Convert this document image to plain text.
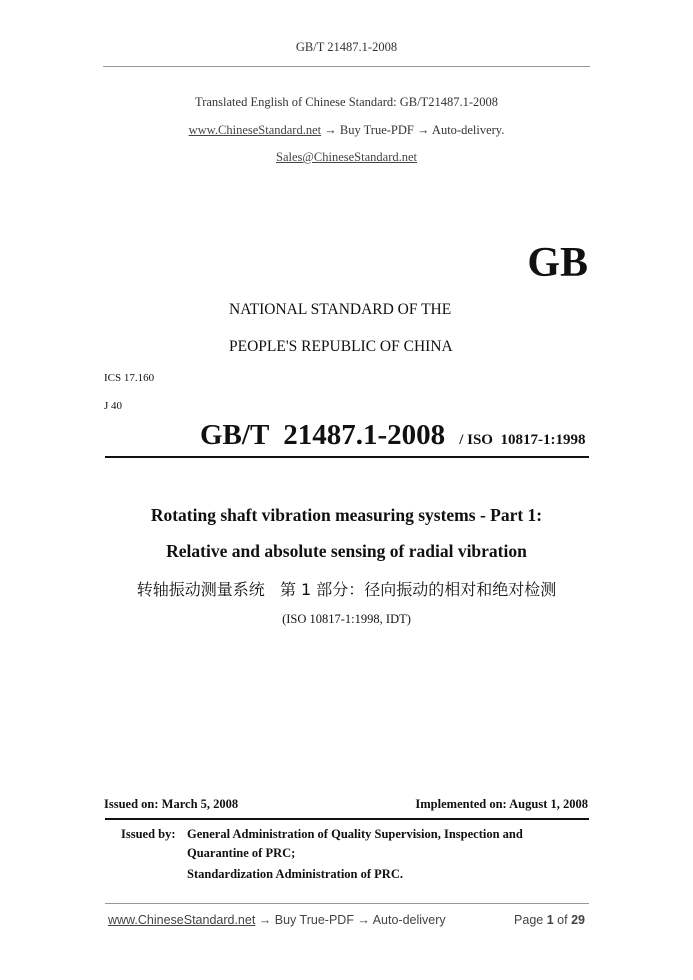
GB/T 21487.1-2008
Translated English of Chinese Standard: GB/T21487.1-2008
www.ChineseStandard.net → Buy True-PDF → Auto-delivery.
Sales@ChineseStandard.net
GB
NATIONAL STANDARD OF THE
PEOPLE'S REPUBLIC OF CHINA
ICS 17.160
J 40
GB/T  21487.1-2008 / ISO  10817-1:1998
Rotating shaft vibration measuring systems - Part 1:
Relative and absolute sensing of radial vibration
转轴振动测量系统   第 1 部分：径向振动的相对和绝对检测
(ISO 10817-1:1998, IDT)
Issued on: March 5, 2008	Implemented on: August 1, 2008
Issued by: General Administration of Quality Supervision, Inspection and
Quarantine of PRC;
Standardization Administration of PRC.
www.ChineseStandard.net → Buy True-PDF → Auto-delivery	Page 1 of 29
